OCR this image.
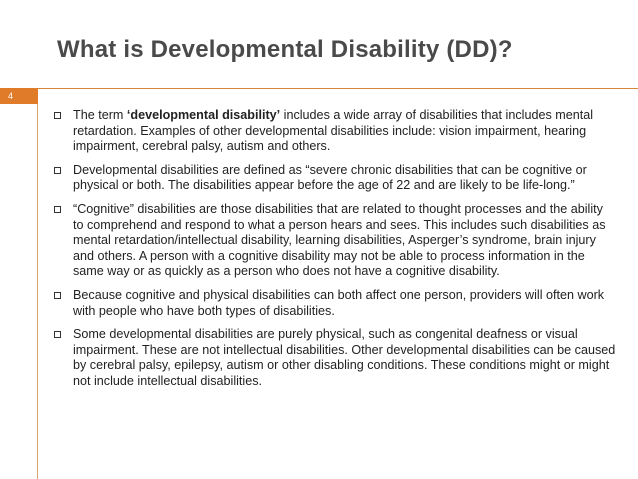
What is Developmental Disability (DD)?
4
The term ‘developmental disability’ includes a wide array of disabilities that includes mental retardation. Examples of other developmental disabilities include: vision impairment, hearing impairment, cerebral palsy, autism and others.
Developmental disabilities are defined as “severe chronic disabilities that can be cognitive or physical or both. The disabilities appear before the age of 22 and are likely to be life-long.”
“Cognitive” disabilities are those disabilities that are related to thought processes and the ability to comprehend and respond to what a person hears and sees. This includes such disabilities as mental retardation/intellectual disability, learning disabilities, Asperger’s syndrome, brain injury and others. A person with a cognitive disability may not be able to process information in the same way or as quickly as a person who does not have a cognitive disability.
Because cognitive and physical disabilities can both affect one person, providers will often work with people who have both types of disabilities.
Some developmental disabilities are purely physical, such as congenital deafness or visual impairment. These are not intellectual disabilities. Other developmental disabilities can be caused by cerebral palsy, epilepsy, autism or other disabling conditions. These conditions might or might not include intellectual disabilities.
